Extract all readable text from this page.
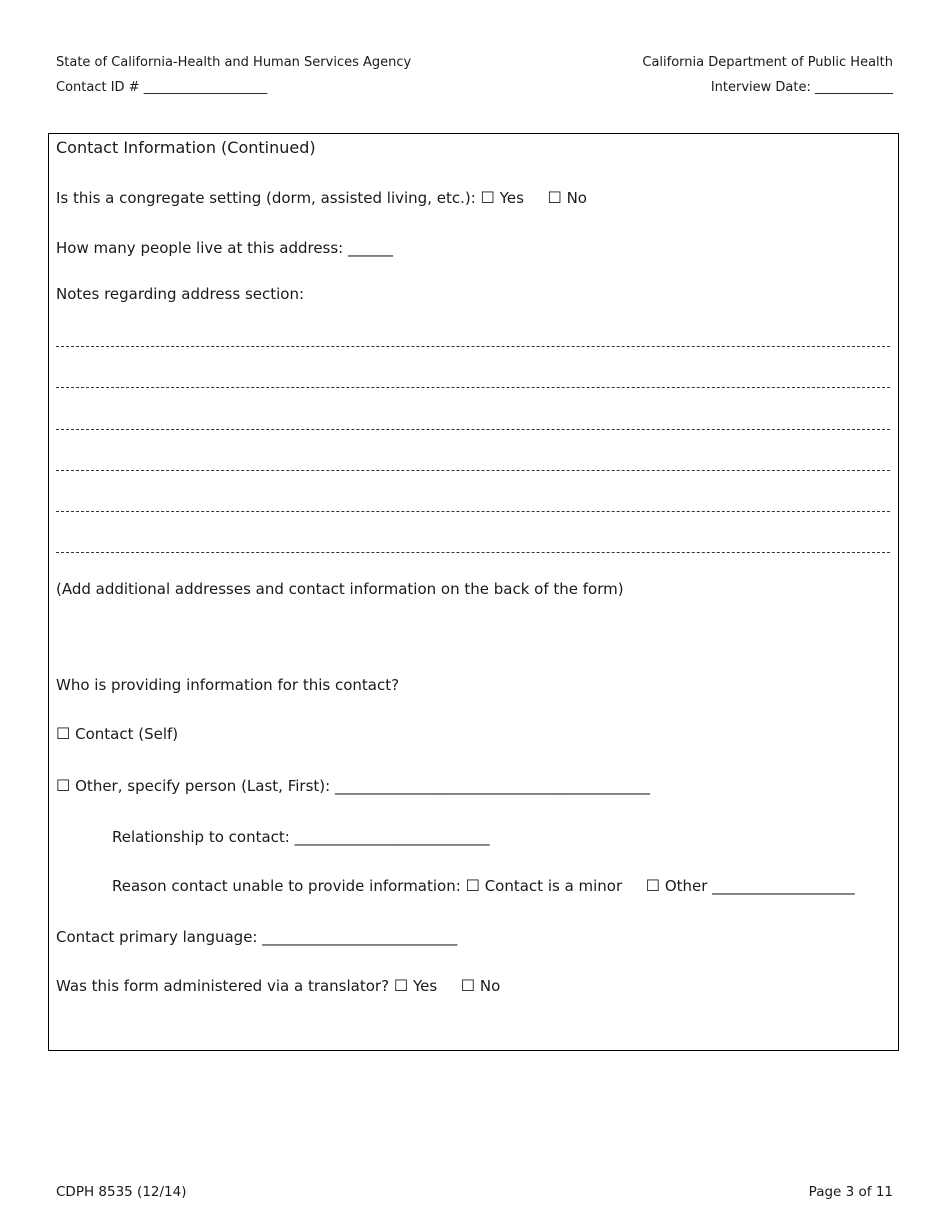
State of California-Health and Human Services Agency
Contact ID # ___________________
California Department of Public Health
Interview Date: ____________
Contact Information (Continued)
Is this a congregate setting (dorm, assisted living, etc.): ☐ Yes ☐ No
How many people live at this address: ______
Notes regarding address section:
(Add additional addresses and contact information on the back of the form)
Who is providing information for this contact?
☐ Contact (Self)
☐ Other, specify person (Last, First): __________________________________________
Relationship to contact: __________________________
Reason contact unable to provide information: ☐ Contact is a minor ☐ Other ___________________
Contact primary language: __________________________
Was this form administered via a translator? ☐ Yes ☐ No
CDPH 8535 (12/14)	Page 3 of 11
